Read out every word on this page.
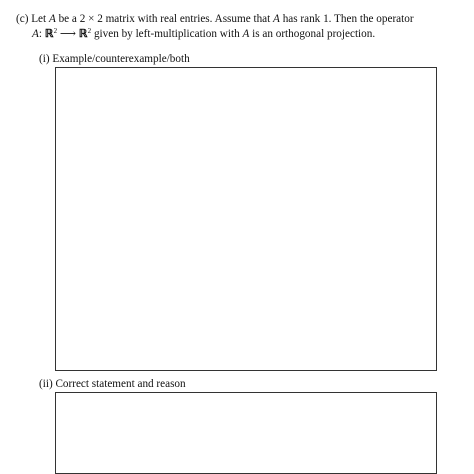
(c) Let A be a 2 × 2 matrix with real entries. Assume that A has rank 1. Then the operator
A: ℝ$^2$ ⟶ ℝ$^2$ given by left-multiplication with A is an orthogonal projection.
(i) Example/counterexample/both
(ii) Correct statement and reason
